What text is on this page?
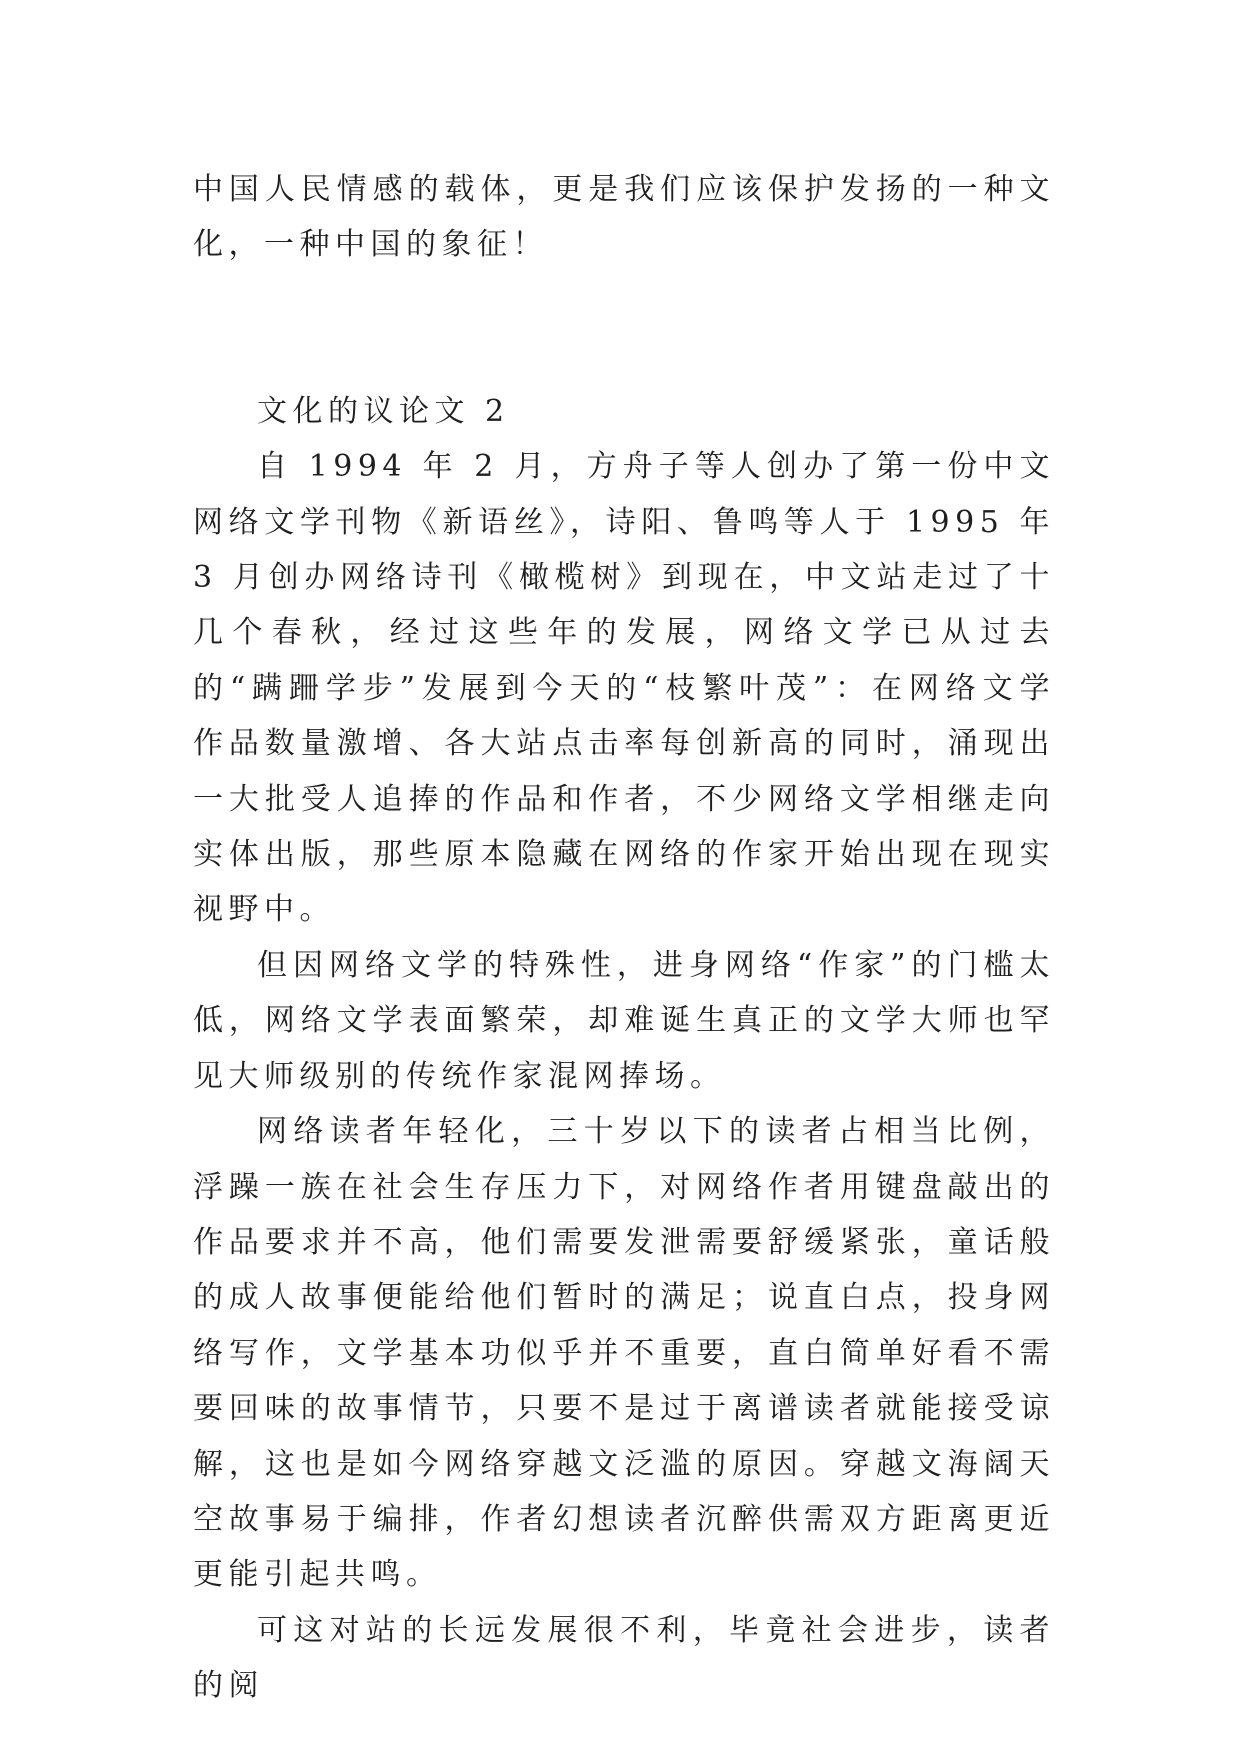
中国人民情感的载体，更是我们应该保护发扬的一种文化，一种中国的象征！

文化的议论文 2

自 1994 年 2 月，方舟子等人创办了第一份中文网络文学刊物《新语丝》，诗阳、鲁鸣等人于 1995 年 3 月创办网络诗刊《橄榄树》到现在，中文站走过了十几个春秋，经过这些年的发展，网络文学已从过去的“蹒跚学步”发展到今天的“枝繁叶茂”：在网络文学作品数量激增、各大站点击率每创新高的同时，涌现出一大批受人追捧的作品和作者，不少网络文学相继走向实体出版，那些原本隐藏在网络的作家开始出现在现实视野中。

但因网络文学的特殊性，进身网络“作家”的门槛太低，网络文学表面繁荣，却难诞生真正的文学大师也罕见大师级别的传统作家混网捧场。

网络读者年轻化，三十岁以下的读者占相当比例，浮躁一族在社会生存压力下，对网络作者用键盘敲出的作品要求并不高，他们需要发泄需要舒缓紧张，童话般的成人故事便能给他们暂时的满足；说直白点，投身网络写作，文学基本功似乎并不重要，直白简单好看不需要回味的故事情节，只要不是过于离谱读者就能接受谅解，这也是如今网络穿越文泛滥的原因。穿越文海阔天空故事易于编排，作者幻想读者沉醉供需双方距离更近更能引起共鸣。

可这对站的长远发展很不利，毕竟社会进步，读者的阅
